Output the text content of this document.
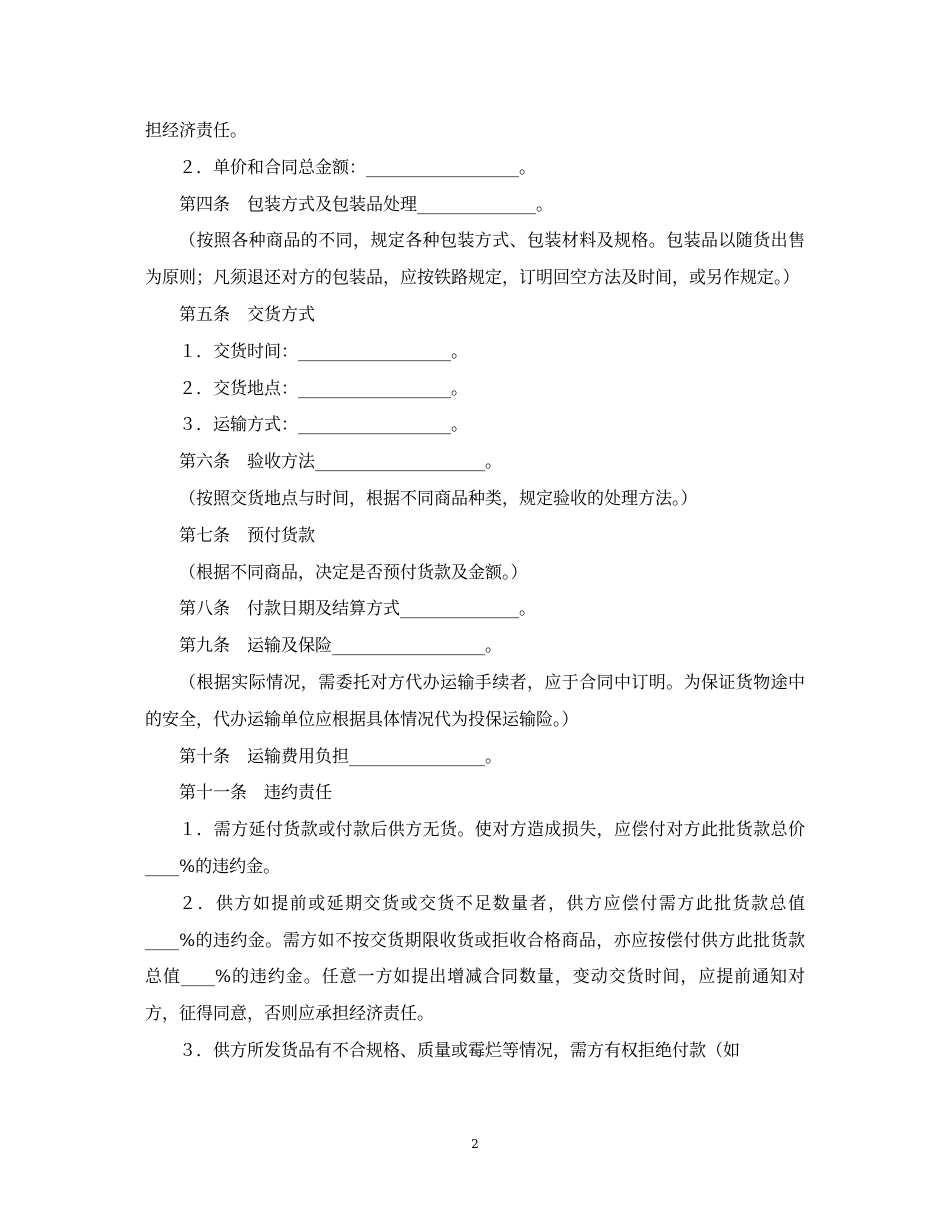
担经济责任。

２．单价和合同总金额：__________________。

第四条　包装方式及包装品处理______________。

（按照各种商品的不同，规定各种包装方式、包装材料及规格。包装品以随货出售为原则；凡须退还对方的包装品，应按铁路规定，订明回空方法及时间，或另作规定。）

第五条　交货方式

１．交货时间：__________________。

２．交货地点：__________________。

３．运输方式：__________________。

第六条　验收方法____________________。

（按照交货地点与时间，根据不同商品种类，规定验收的处理方法。）

第七条　预付货款

（根据不同商品，决定是否预付货款及金额。）

第八条　付款日期及结算方式______________。

第九条　运输及保险__________________。

（根据实际情况，需委托对方代办运输手续者，应于合同中订明。为保证货物途中的安全，代办运输单位应根据具体情况代为投保运输险。）

第十条　运输费用负担________________。

第十一条　违约责任

１．需方延付货款或付款后供方无货。使对方造成损失，应偿付对方此批货款总价____%的违约金。

２．供方如提前或延期交货或交货不足数量者，供方应偿付需方此批货款总值____%的违约金。需方如不按交货期限收货或拒收合格商品，亦应按偿付供方此批货款总值____%的违约金。任意一方如提出增减合同数量，变动交货时间，应提前通知对方，征得同意，否则应承担经济责任。

３．供方所发货品有不合规格、质量或霉烂等情况，需方有权拒绝付款（如

2
